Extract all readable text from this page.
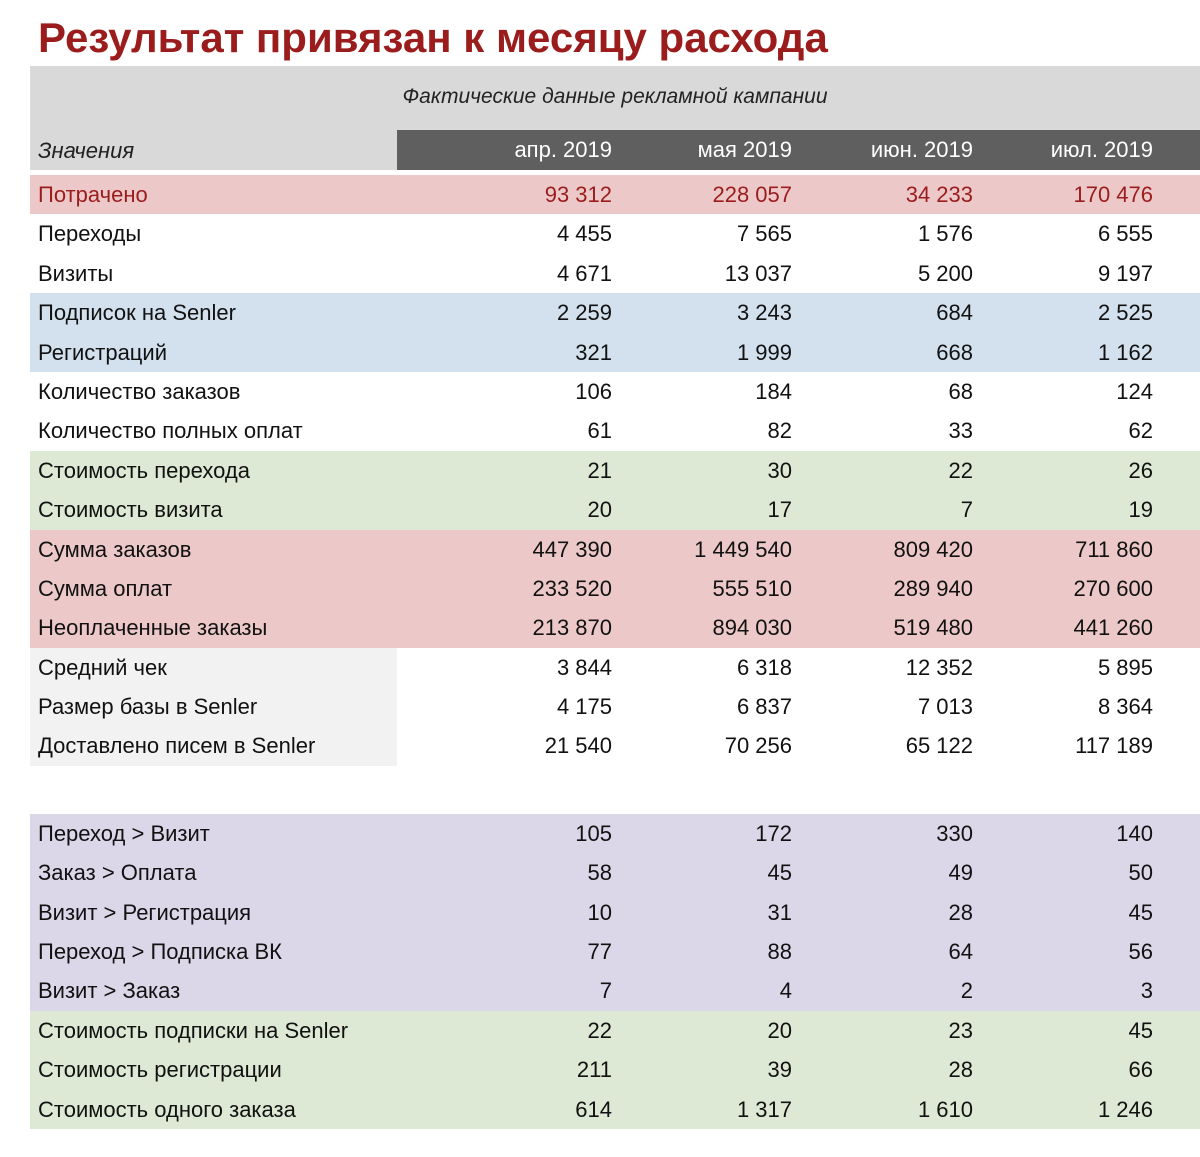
Результат привязан к месяцу расхода
Фактические данные рекламной кампании
Значения	апр. 2019	мая 2019	июн. 2019	июл. 2019
Потрачено	93 312	228 057	34 233	170 476
Переходы	4 455	7 565	1 576	6 555
Визиты	4 671	13 037	5 200	9 197
Подписок на Senler	2 259	3 243	684	2 525
Регистраций	321	1 999	668	1 162
Количество заказов	106	184	68	124
Количество полных оплат	61	82	33	62
Стоимость перехода	21	30	22	26
Стоимость визита	20	17	7	19
Сумма заказов	447 390	1 449 540	809 420	711 860
Сумма оплат	233 520	555 510	289 940	270 600
Неоплаченные заказы	213 870	894 030	519 480	441 260
Средний чек	3 844	6 318	12 352	5 895
Размер базы в Senler	4 175	6 837	7 013	8 364
Доставлено писем в Senler	21 540	70 256	65 122	117 189
Переход > Визит	105	172	330	140
Заказ > Оплата	58	45	49	50
Визит > Регистрация	10	31	28	45
Переход > Подписка ВК	77	88	64	56
Визит > Заказ	7	4	2	3
Стоимость подписки на Senler	22	20	23	45
Стоимость регистрации	211	39	28	66
Стоимость одного заказа	614	1 317	1 610	1 246
